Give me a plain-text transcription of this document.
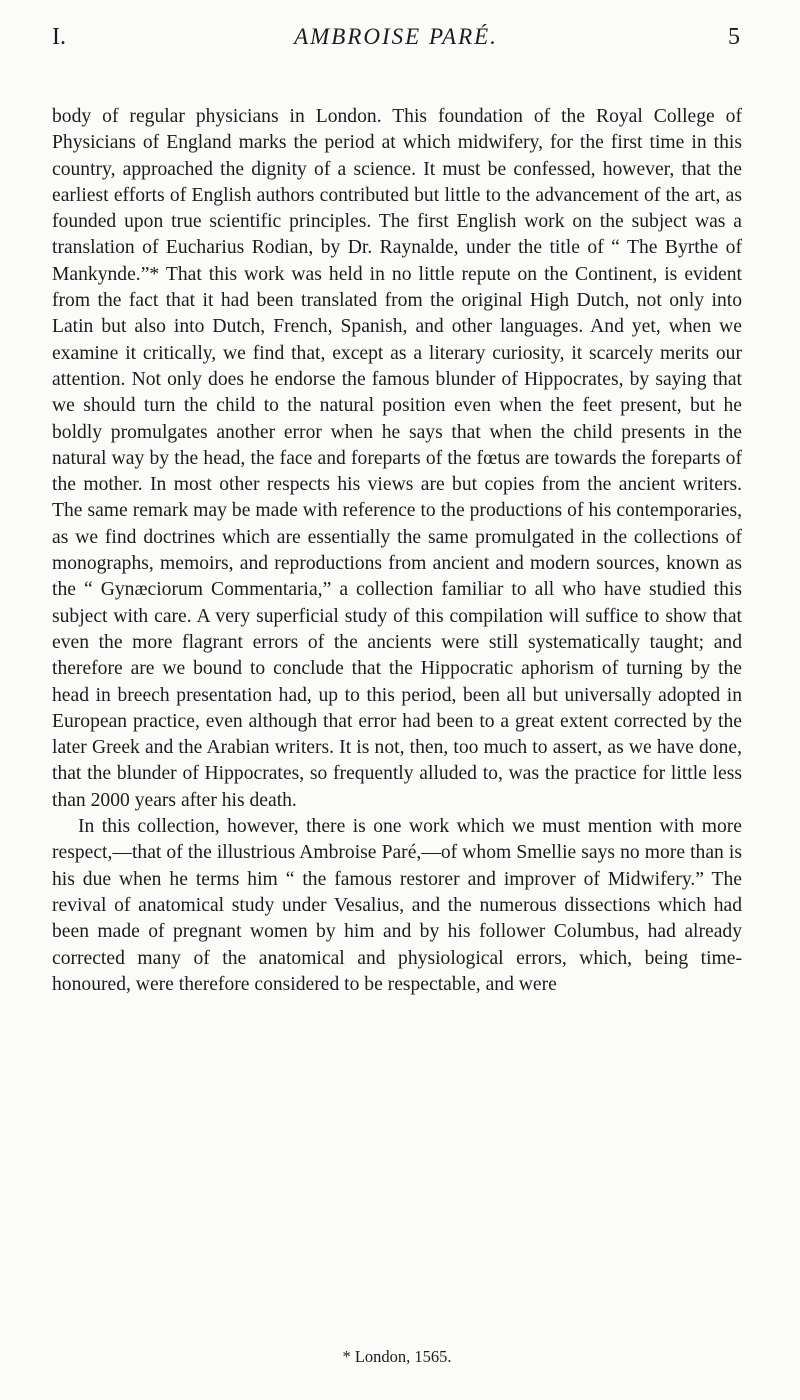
I.	AMBROISE PARÉ.	5

body of regular physicians in London. This foundation of the Royal College of Physicians of England marks the period at which midwifery, for the first time in this country, approached the dignity of a science. It must be confessed, however, that the earliest efforts of English authors contributed but little to the advancement of the art, as founded upon true scientific principles. The first English work on the subject was a translation of Eucharius Rodian, by Dr. Raynalde, under the title of “ The Byrthe of Mankynde.”* That this work was held in no little repute on the Continent, is evident from the fact that it had been translated from the original High Dutch, not only into Latin but also into Dutch, French, Spanish, and other languages. And yet, when we examine it critically, we find that, except as a literary curiosity, it scarcely merits our attention. Not only does he endorse the famous blunder of Hippocrates, by saying that we should turn the child to the natural position even when the feet present, but he boldly promulgates another error when he says that when the child presents in the natural way by the head, the face and foreparts of the fœtus are towards the foreparts of the mother. In most other respects his views are but copies from the ancient writers. The same remark may be made with reference to the productions of his contemporaries, as we find doctrines which are essentially the same promulgated in the collections of monographs, memoirs, and reproductions from ancient and modern sources, known as the “ Gynæciorum Commentaria,” a collection familiar to all who have studied this subject with care. A very superficial study of this compilation will suffice to show that even the more flagrant errors of the ancients were still systematically taught; and therefore are we bound to conclude that the Hippocratic aphorism of turning by the head in breech presentation had, up to this period, been all but universally adopted in European practice, even although that error had been to a great extent corrected by the later Greek and the Arabian writers. It is not, then, too much to assert, as we have done, that the blunder of Hippocrates, so frequently alluded to, was the practice for little less than 2000 years after his death.

In this collection, however, there is one work which we must mention with more respect,—that of the illustrious Ambroise Paré,—of whom Smellie says no more than is his due when he terms him “ the famous restorer and improver of Midwifery.” The revival of anatomical study under Vesalius, and the numerous dissections which had been made of pregnant women by him and by his follower Columbus, had already corrected many of the anatomical and physiological errors, which, being time-honoured, were therefore considered to be respectable, and were

* London, 1565.
